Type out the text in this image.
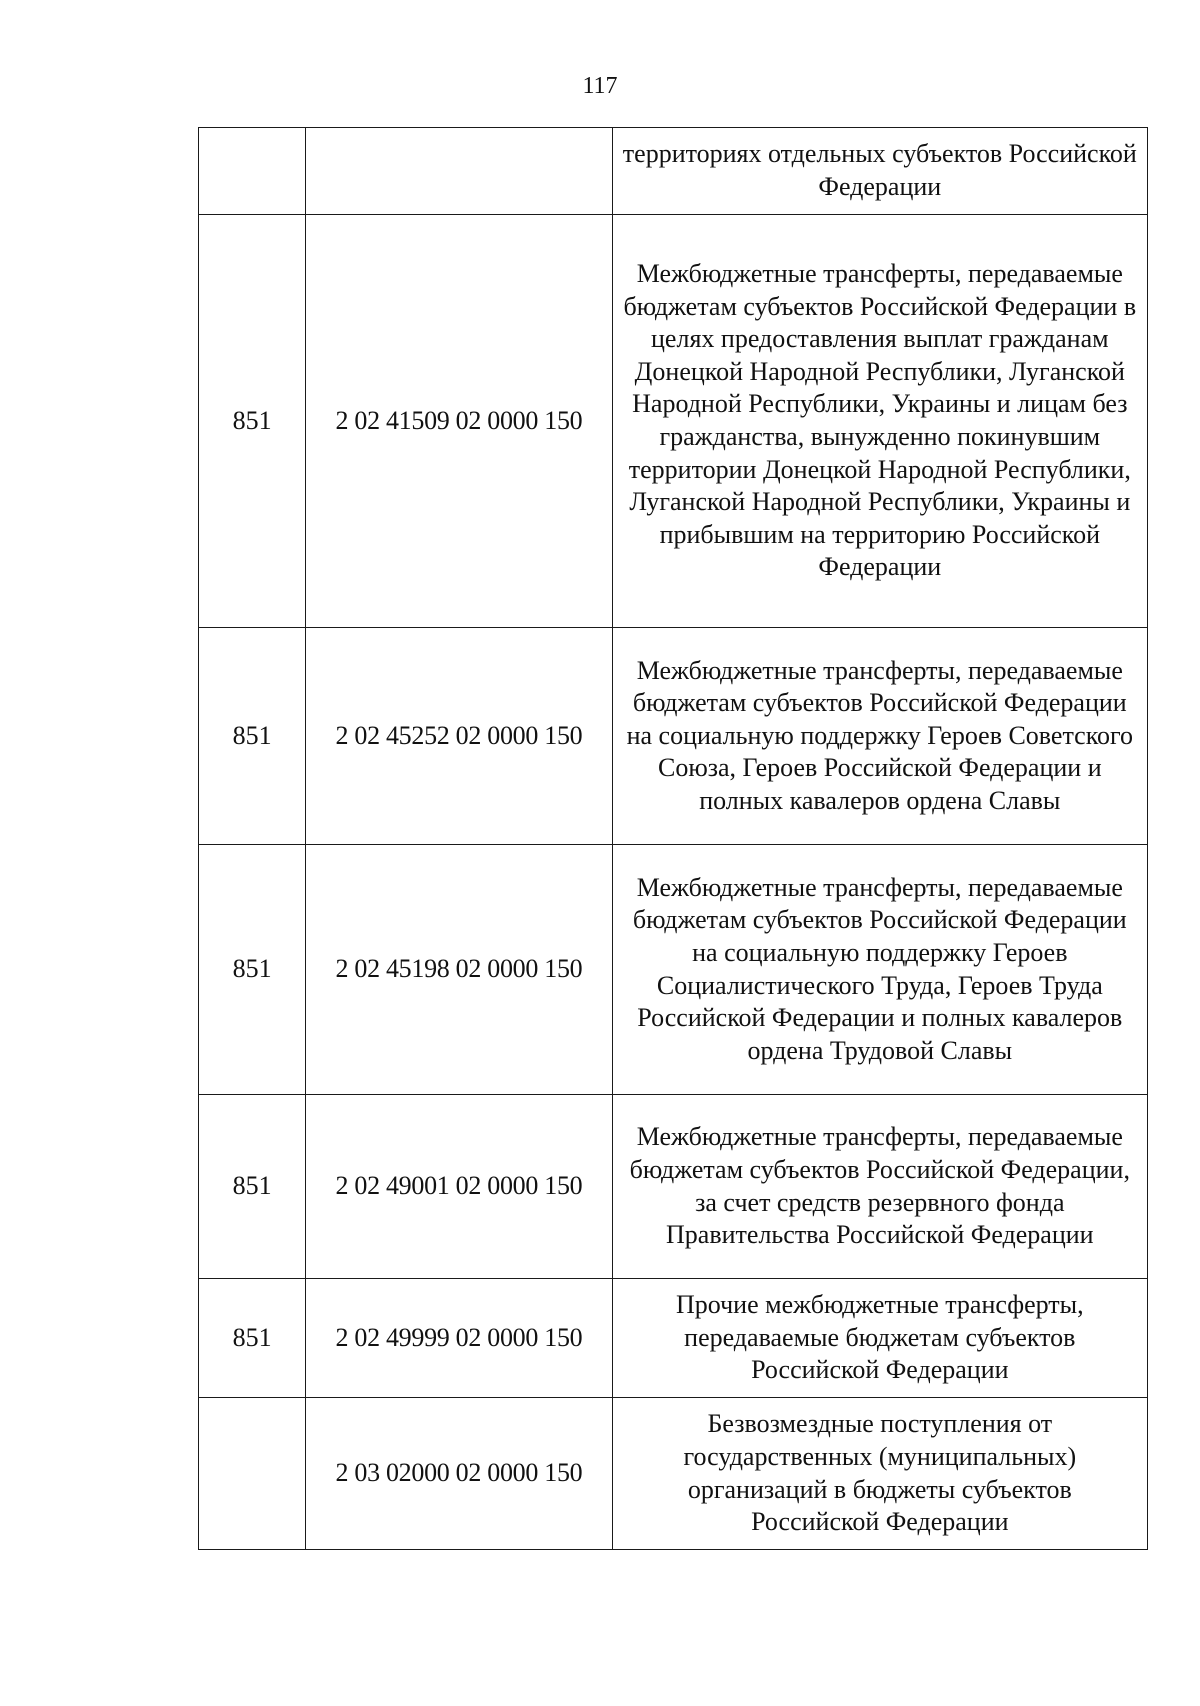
117
		территориях отдельных субъектов Российской Федерации
851	2 02 41509 02 0000 150	Межбюджетные трансферты, передаваемые бюджетам субъектов Российской Федерации в целях предоставления выплат гражданам Донецкой Народной Республики, Луганской Народной Республики, Украины и лицам без гражданства, вынужденно покинувшим территории Донецкой Народной Республики, Луганской Народной Республики, Украины и прибывшим на территорию Российской Федерации
851	2 02 45252 02 0000 150	Межбюджетные трансферты, передаваемые бюджетам субъектов Российской Федерации на социальную поддержку Героев Советского Союза, Героев Российской Федерации и полных кавалеров ордена Славы
851	2 02 45198 02 0000 150	Межбюджетные трансферты, передаваемые бюджетам субъектов Российской Федерации на социальную поддержку Героев Социалистического Труда, Героев Труда Российской Федерации и полных кавалеров ордена Трудовой Славы
851	2 02 49001 02 0000 150	Межбюджетные трансферты, передаваемые бюджетам субъектов Российской Федерации, за счет средств резервного фонда Правительства Российской Федерации
851	2 02 49999 02 0000 150	Прочие межбюджетные трансферты, передаваемые бюджетам субъектов Российской Федерации
	2 03 02000 02 0000 150	Безвозмездные поступления от государственных (муниципальных) организаций в бюджеты субъектов Российской Федерации
